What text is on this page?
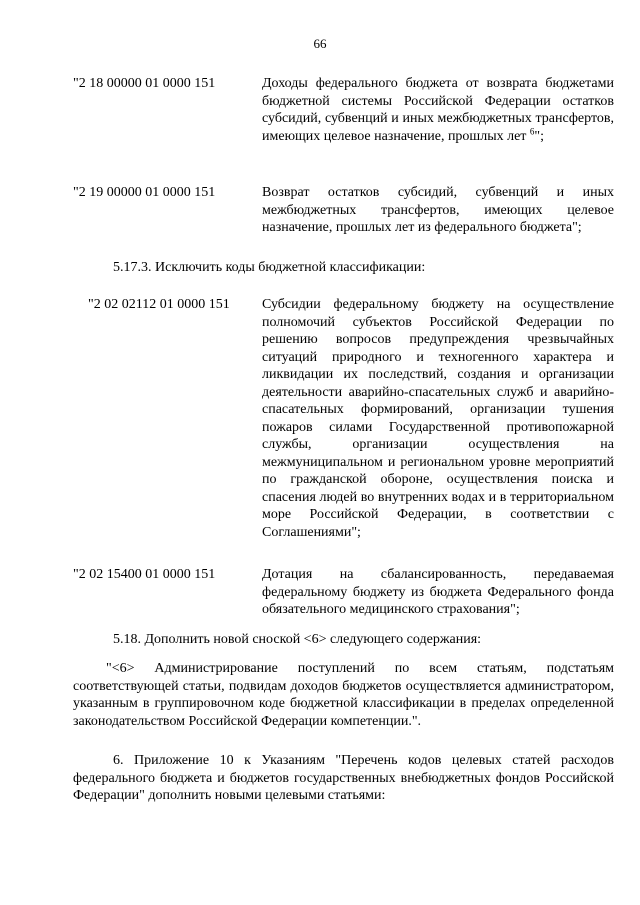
66
"2 18 00000 01 0000 151	Доходы федерального бюджета от возврата бюджетами бюджетной системы Российской Федерации остатков субсидий, субвенций и иных межбюджетных трансфертов, имеющих целевое назначение, прошлых лет $^6$";
"2 19 00000 01 0000 151	Возврат остатков субсидий, субвенций и иных межбюджетных трансфертов, имеющих целевое назначение, прошлых лет из федерального бюджета";
5.17.3. Исключить коды бюджетной классификации:
"2 02 02112 01 0000 151 Субсидии федеральному бюджету на осуществление полномочий субъектов Российской Федерации по решению вопросов предупреждения чрезвычайных ситуаций природного и техногенного характера и ликвидации их последствий, создания и организации деятельности аварийно-спасательных служб и аварийно-спасательных формирований, организации тушения пожаров силами Государственной противопожарной службы, организации осуществления на межмуниципальном и региональном уровне мероприятий по гражданской обороне, осуществления поиска и спасения людей во внутренних водах и в территориальном море Российской Федерации, в соответствии с Соглашениями";
"2 02 15400 01 0000 151	Дотация на сбалансированность, передаваемая федеральному бюджету из бюджета Федерального фонда обязательного медицинского страхования";
5.18. Дополнить новой сноской <6> следующего содержания:
"<6> Администрирование поступлений по всем статьям, подстатьям соответствующей статьи, подвидам доходов бюджетов осуществляется администратором, указанным в группировочном коде бюджетной классификации в пределах определенной законодательством Российской Федерации компетенции.".
6. Приложение 10 к Указаниям "Перечень кодов целевых статей расходов федерального бюджета и бюджетов государственных внебюджетных фондов Российской Федерации" дополнить новыми целевыми статьями:
